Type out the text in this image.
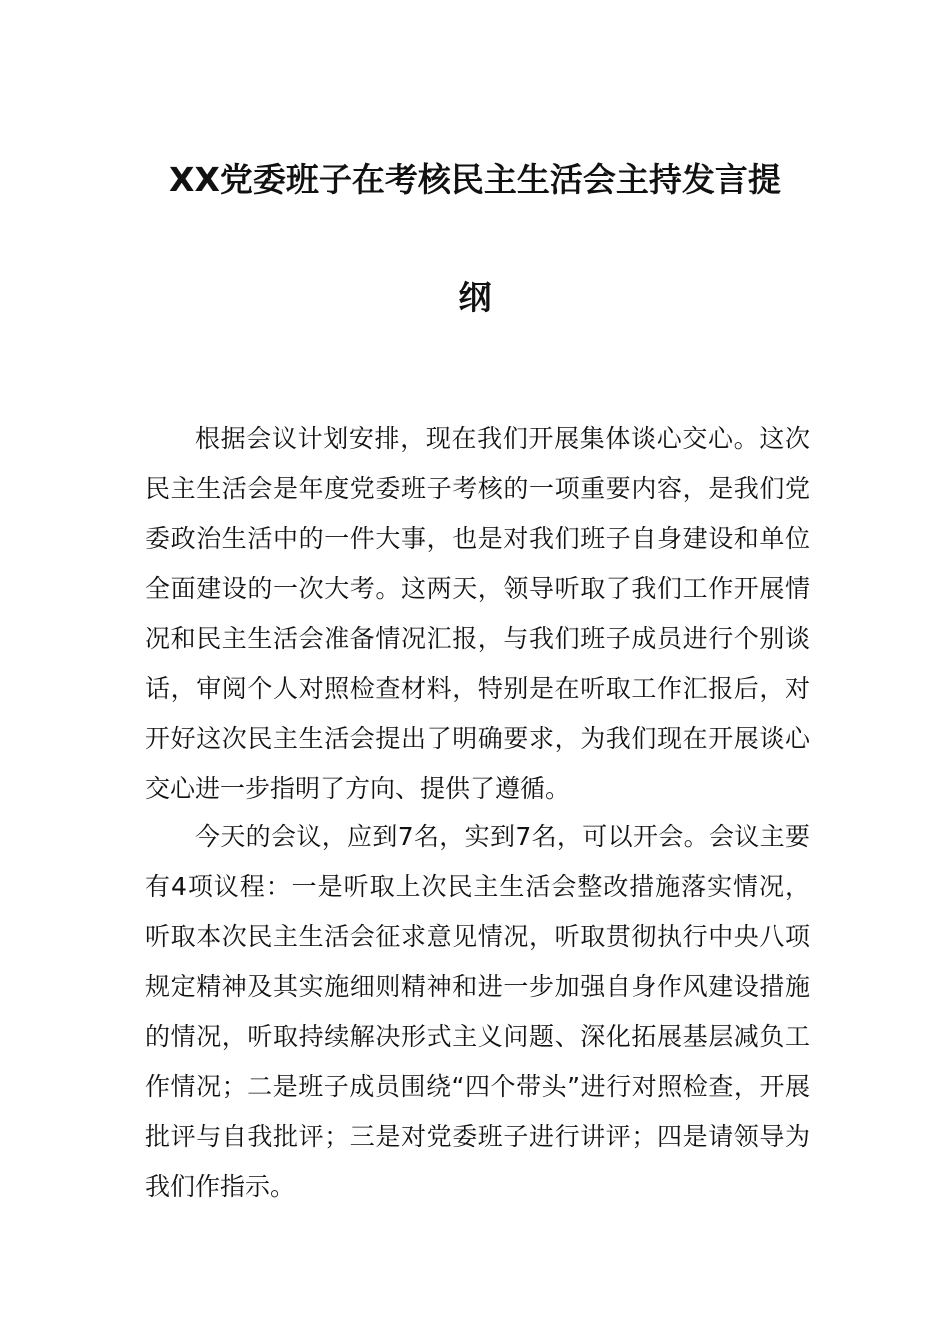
XX党委班子在考核民主生活会主持发言提
纲

根据会议计划安排，现在我们开展集体谈心交心。这次民主生活会是年度党委班子考核的一项重要内容，是我们党委政治生活中的一件大事，也是对我们班子自身建设和单位全面建设的一次大考。这两天，领导听取了我们工作开展情况和民主生活会准备情况汇报，与我们班子成员进行个别谈话，审阅个人对照检查材料，特别是在听取工作汇报后，对开好这次民主生活会提出了明确要求，为我们现在开展谈心交心进一步指明了方向、提供了遵循。

今天的会议，应到7名，实到7名，可以开会。会议主要有4项议程：一是听取上次民主生活会整改措施落实情况，听取本次民主生活会征求意见情况，听取贯彻执行中央八项规定精神及其实施细则精神和进一步加强自身作风建设措施的情况，听取持续解决形式主义问题、深化拓展基层减负工作情况；二是班子成员围绕“四个带头”进行对照检查，开展批评与自我批评；三是对党委班子进行讲评；四是请领导为我们作指示。
